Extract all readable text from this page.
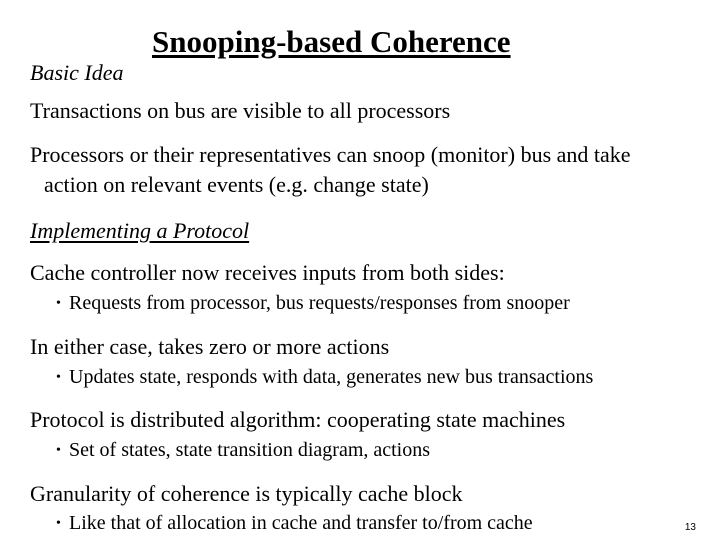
Snooping-based Coherence
Basic Idea
Transactions on bus are visible to all processors
Processors or their representatives can snoop (monitor) bus and take
action on relevant events (e.g. change state)
Implementing a Protocol
Cache controller now receives inputs from both sides:
• Requests from processor, bus requests/responses from snooper
In either case, takes zero or more actions
• Updates state, responds with data, generates new bus transactions
Protocol is distributed algorithm: cooperating state machines
• Set of states, state transition diagram, actions
Granularity of coherence is typically cache block
• Like that of allocation in cache and transfer to/from cache	13
